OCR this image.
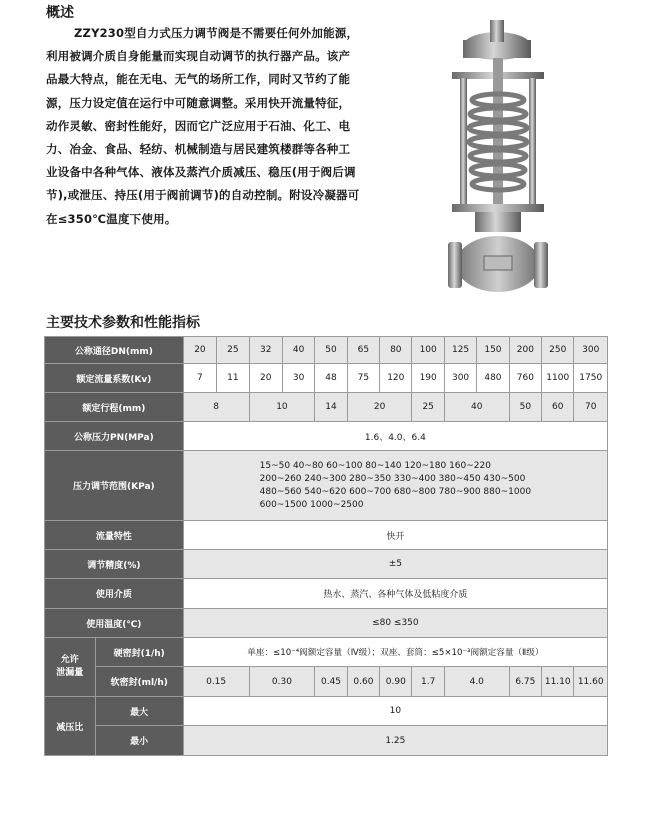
概述
ZZY230型自力式压力调节阀是不需要任何外加能源，
利用被调介质自身能量而实现自动调节的执行器产品。该产
品最大特点，能在无电、无气的场所工作，同时又节约了能
源，压力设定值在运行中可随意调整。采用快开流量特征，
动作灵敏、密封性能好，因而它广泛应用于石油、化工、电
力、冶金、食品、轻纺、机械制造与居民建筑楼群等各种工
业设备中各种气体、液体及蒸汽介质减压、稳压(用于阀后调
节),或泄压、持压(用于阀前调节)的自动控制。附设冷凝器可
在≤350℃温度下使用。
主要技术参数和性能指标
公称通径DN(mm)		20	25	32	40	50	65	80	100	125	150	200	250	300
额定流量系数(Kv)		7	11	20	30	48	75	120	190	300	480	760	1100	1750
额定行程(mm)		8		10		14	20		25	40		50	60	70
公称压力PN(MPa)		1.6、4.0、6.4												
压力调节范围(KPa)		15~50 40~80 60~100 80~140 120~180 160~220
200~260 240~300 280~350 330~400 380~450 430~500
480~560 540~620 600~700 680~800 780~900 880~1000
600~1500 1000~2500												

流量特性		快开												
调节精度(%)		±5												
使用介质		热水、蒸汽、各种气体及低粘度介质												
使用温度(℃)		≤80 ≤350												
允许
泄漏量	硬密封(1/h)	单座：≤10⁻⁴阀额定容量（Ⅳ级）；双座、套筒：≤5×10⁻³阀额定容量（Ⅱ级）												
	软密封(ml/h)	0.15		0.30		0.45	0.60	0.90	1.7	4.0		6.75	11.10	11.60
减压比	最大	10												
	最小	1.25												
